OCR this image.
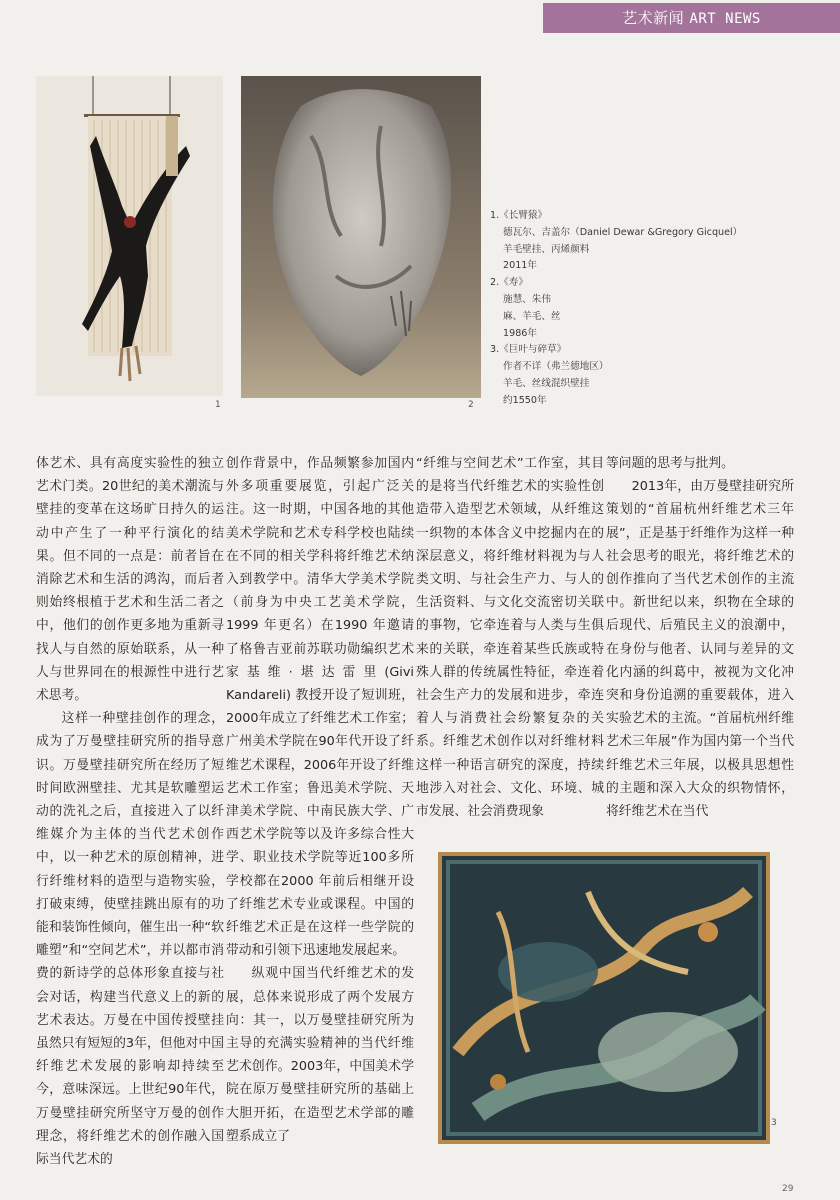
艺术新闻 ART NEWS
1	2
1.《长臂猿》
德瓦尔、吉盖尔（Daniel Dewar &Gregory Gicquel）
羊毛壁挂、丙烯颜料
2011年
2.《寿》
施慧、朱伟
麻、羊毛、丝
1986年
3.《巨叶与碎草》
作者不详（弗兰德地区）
羊毛、丝线混织壁挂
约1550年

体艺术、具有高度实验性的独立艺术门类。20世纪的美术潮流与壁挂的变革在这场旷日持久的运动中产生了一种平行演化的结果。但不同的一点是：前者旨在消除艺术和生活的鸿沟，而后者则始终根植于艺术和生活二者之中，他们的创作更多地为重新寻找人与自然的原始联系，从一种人与世界同在的根源性中进行艺术思考。

这样一种壁挂创作的理念，成为了万曼壁挂研究所的指导意识。万曼壁挂研究所在经历了短时间欧洲壁挂、尤其是软雕塑运动的洗礼之后，直接进入了以纤维媒介为主体的当代艺术创作中，以一种艺术的原创精神，进行纤维材料的造型与造物实验，打破束缚，使壁挂跳出原有的功能和装饰性倾向，催生出一种“软雕塑”和“空间艺术”，并以都市消费的新诗学的总体形象直接与社会对话，构建当代意义上的新的艺术表达。万曼在中国传授壁挂虽然只有短短的3年，但他对中国纤维艺术发展的影响却持续至今，意味深远。上世纪90年代，万曼壁挂研究所坚守万曼的创作理念，将纤维艺术的创作融入国际当代艺术的

创作背景中，作品频繁参加国内外多项重要展览，引起广泛关注。这一时期，中国各地的其他美术学院和艺术专科学校也陆续在不同的相关学科将纤维艺术纳入到教学中。清华大学美术学院（前身为中央工艺美术学院，1999 年更名）在1990 年邀请了格鲁吉亚前苏联功勋编织艺术家基维·堪达雷里(Givi Kandareli) 教授开设了短训班，2000年成立了纤维艺术工作室；广州美术学院在90年代开设了纤维艺术课程，2006年开设了纤维艺术工作室；鲁迅美术学院、天津美术学院、中南民族大学、广西艺术学院等以及许多综合性大学、职业技术学院等近100多所学校都在2000 年前后相继开设了纤维艺术专业或课程。中国的纤维艺术正是在这样一些学院的带动和引领下迅速地发展起来。

纵观中国当代纤维艺术的发展，总体来说形成了两个发展方向：其一，以万曼壁挂研究所为主导的充满实验精神的当代纤维艺术创作。2003年，中国美术学院在原万曼壁挂研究所的基础上大胆开拓，在造型艺术学部的雕塑系成立了

“纤维与空间艺术”工作室，其目的是将当代纤维艺术的实验性创造带入造型艺术领域，从纤维这一织物的本体含义中挖掘内在的深层意义，将纤维材料视为与人类文明、与社会生产力、与人的生活资料、与文化交流密切关联的事物，它牵连着与人类与生俱来的关联，牵连着某些氏族或特殊人群的传统属性特征，牵连着社会生产力的发展和进步，牵连着人与消费社会纷繁复杂的关系。纤维艺术创作以对纤维材料这样一种语言研究的深度，持续地涉入对社会、文化、环境、城市发展、社会消费现象

等问题的思考与批判。

2013年，由万曼壁挂研究所策划的“首届杭州纤维艺术三年展”，正是基于纤维作为这样一种社会思考的眼光，将纤维艺术的创作推向了当代艺术创作的主流中。新世纪以来，织物在全球的后现代、后殖民主义的浪潮中，在身份与他者、认同与差异的文化内涵的纠葛中，被视为文化冲突和身份追溯的重要载体，进入实验艺术的主流。“首届杭州纤维艺术三年展”作为国内第一个当代纤维艺术三年展，以极具思想性的主题和深入大众的织物情怀，将纤维艺术在当代

3
29
